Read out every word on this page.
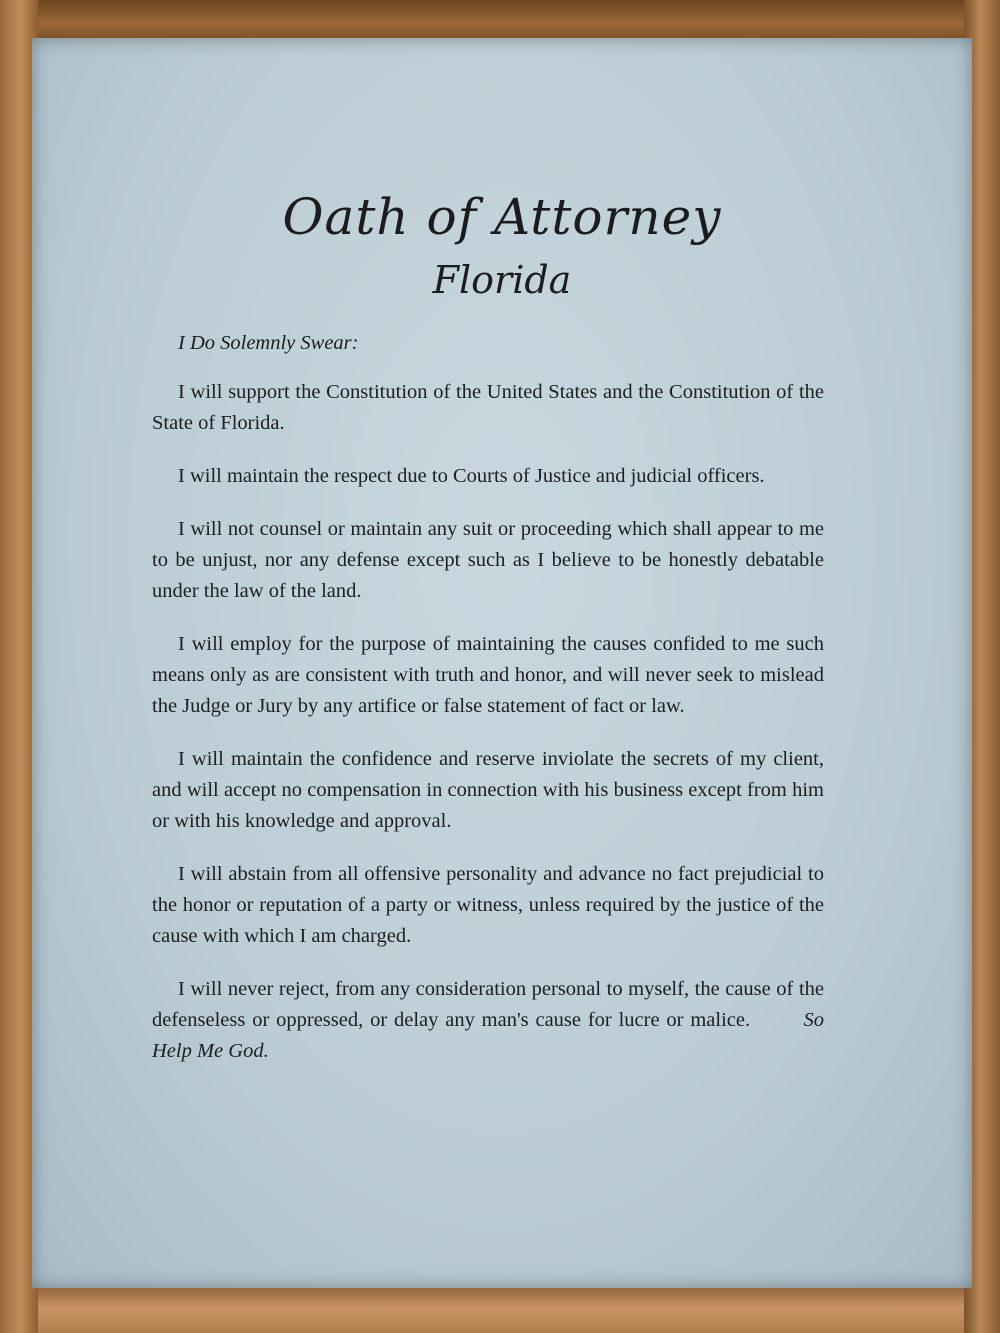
Oath of Attorney
Florida

I Do Solemnly Swear:

I will support the Constitution of the United States and the Constitution of the State of Florida.

I will maintain the respect due to Courts of Justice and judicial officers.

I will not counsel or maintain any suit or proceeding which shall appear to me to be unjust, nor any defense except such as I believe to be honestly debatable under the law of the land.

I will employ for the purpose of maintaining the causes confided to me such means only as are consistent with truth and honor, and will never seek to mislead the Judge or Jury by any artifice or false statement of fact or law.

I will maintain the confidence and reserve inviolate the secrets of my client, and will accept no compensation in connection with his business except from him or with his knowledge and approval.

I will abstain from all offensive personality and advance no fact prejudicial to the honor or reputation of a party or witness, unless required by the justice of the cause with which I am charged.

I will never reject, from any consideration personal to myself, the cause of the defenseless or oppressed, or delay any man's cause for lucre or malice.	So Help Me God.
